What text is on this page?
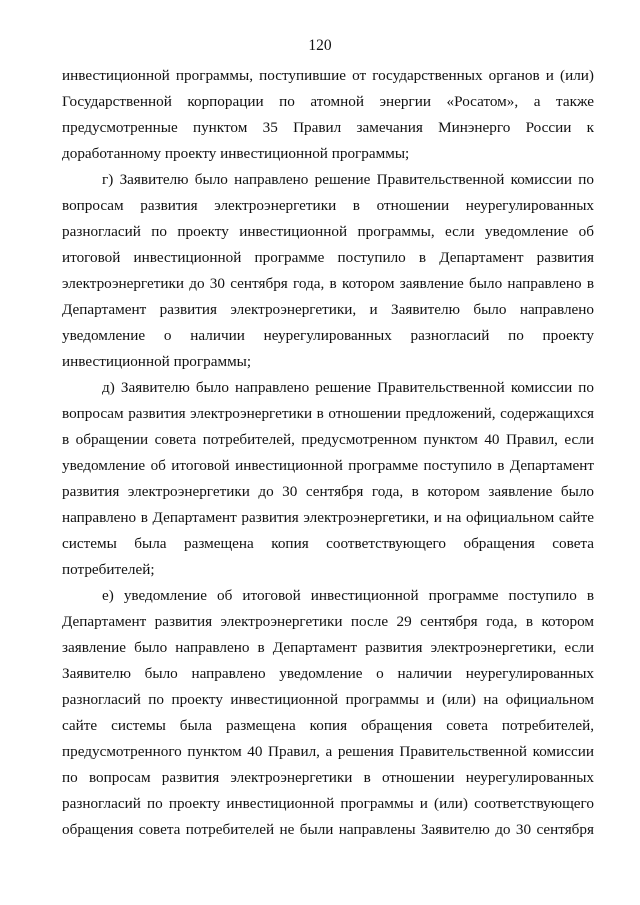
120
инвестиционной программы, поступившие от государственных органов и (или)
Государственной корпорации по атомной энергии «Росатом», а также
предусмотренные пунктом 35 Правил замечания Минэнерго России к
доработанному проекту инвестиционной программы;
г) Заявителю было направлено решение Правительственной комиссии по
вопросам развития электроэнергетики в отношении неурегулированных
разногласий по проекту инвестиционной программы, если уведомление об
итоговой инвестиционной программе поступило в Департамент развития
электроэнергетики до 30 сентября года, в котором заявление было направлено в
Департамент развития электроэнергетики, и Заявителю было направлено
уведомление о наличии неурегулированных разногласий по проекту
инвестиционной программы;
д) Заявителю было направлено решение Правительственной комиссии по
вопросам развития электроэнергетики в отношении предложений, содержащихся
в обращении совета потребителей, предусмотренном пунктом 40 Правил, если
уведомление об итоговой инвестиционной программе поступило в Департамент
развития электроэнергетики до 30 сентября года, в котором заявление было
направлено в Департамент развития электроэнергетики, и на официальном сайте
системы была размещена копия соответствующего обращения совета
потребителей;
е) уведомление об итоговой инвестиционной программе поступило в
Департамент развития электроэнергетики после 29 сентября года, в котором
заявление было направлено в Департамент развития электроэнергетики, если
Заявителю было направлено уведомление о наличии неурегулированных
разногласий по проекту инвестиционной программы и (или) на официальном
сайте системы была размещена копия обращения совета потребителей,
предусмотренного пунктом 40 Правил, а решения Правительственной комиссии
по вопросам развития электроэнергетики в отношении неурегулированных
разногласий по проекту инвестиционной программы и (или) соответствующего
обращения совета потребителей не были направлены Заявителю до 30 сентября
